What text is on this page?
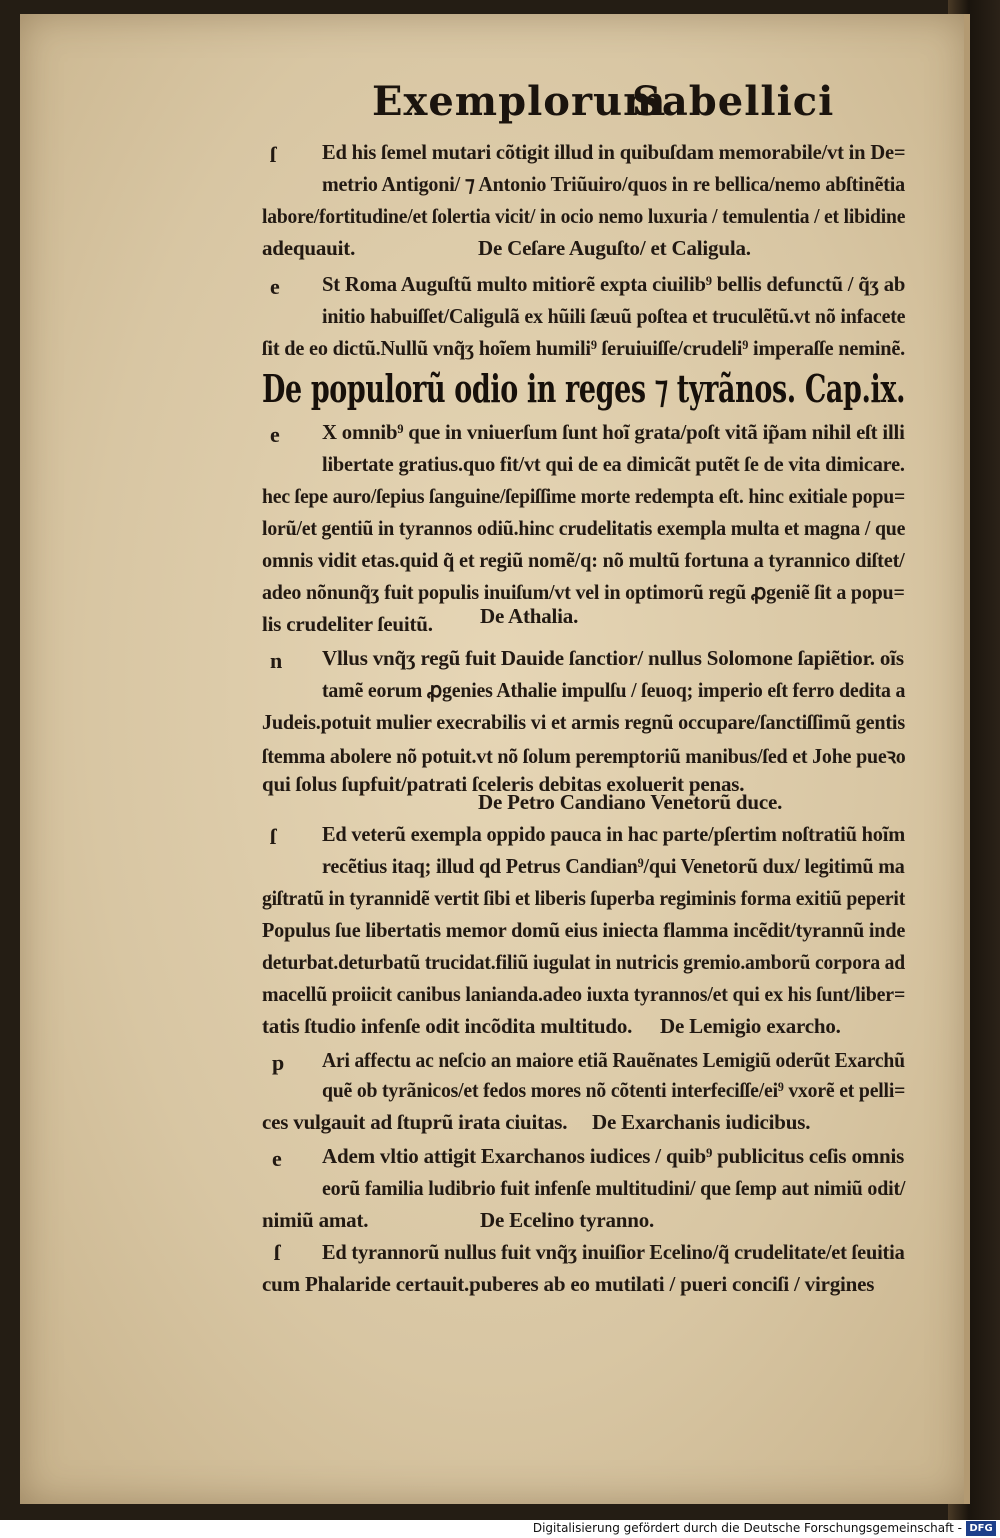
Exemplorum
Sabellici
ſ
e
e
n
ſ
p
e
ſ
Ed his ſemel mutari cõtigit illud in quibuſdam memorabile/vt in De=
metrio Antigoni/ ⁊ Antonio Triũuiro/quos in re bellica/nemo abſtinẽtia
labore/fortitudine/et ſolertia vicit/ in ocio nemo luxuria / temulentia / et libidine
adequauit.	De Ceſare Auguſto/ et Caligula.
St Roma Auguſtũ multo mitiorẽ expta ciuilib⁹ bellis defunctũ / q̃ʒ ab
initio habuiſſet/Caligulã ex hũili ſæuũ poſtea et truculẽtũ.vt nõ infacete
ſit de eo dictũ.Nullũ vnq̃ʒ hoĩem humili⁹ ſeruiuiſſe/crudeli⁹ imperaſſe neminẽ.
De populorũ odio in reges ⁊ tyrãnos. Cap.ix.
X omnib⁹ que in vniuerſum ſunt hoĩ grata/poſt vitã ip̃am nihil eſt illi
libertate gratius.quo fit/vt qui de ea dimicãt putẽt ſe de vita dimicare.
hec ſepe auro/ſepius ſanguine/ſepiſſime morte redempta eſt. hinc exitiale popu=
lorũ/et gentiũ in tyrannos odiũ.hinc crudelitatis exempla multa et magna / que
omnis vidit etas.quid q̃ et regiũ nomẽ/q: nõ multũ fortuna a tyrannico diſtet/
adeo nõnunq̃ʒ fuit populis inuiſum/vt vel in optimorũ regũ ꝓgeniẽ ſit a popu=
lis crudeliter ſeuitũ. De Athalia.
Vllus vnq̃ʒ regũ fuit Dauide ſanctior/ nullus Solomone ſapiẽtior. oĩs
tamẽ eorum ꝓgenies Athalie impulſu / ſeuoq; imperio eſt ferro dedita a
Judeis.potuit mulier execrabilis vi et armis regnũ occupare/ſanctiſſimũ gentis
ſtemma abolere nõ potuit.vt nõ ſolum peremptoriũ manibus/ſed et Johe pueꝛo
qui ſolus ſupfuit/patrati ſceleris debitas exoluerit penas.
De Petro Candiano Venetorũ duce.
Ed veterũ exempla oppido pauca in hac parte/pſertim noſtratiũ hoĩm
recẽtius itaq; illud qd Petrus Candian⁹/qui Venetorũ dux/ legitimũ ma
giſtratũ in tyrannidẽ vertit ſibi et liberis ſuperba regiminis forma exitiũ peperit
Populus ſue libertatis memor domũ eius iniecta flamma incẽdit/tyrannũ inde
deturbat.deturbatũ trucidat.filiũ iugulat in nutricis gremio.amborũ corpora ad
macellũ proiicit canibus lanianda.adeo iuxta tyrannos/et qui ex his ſunt/liber=
tatis ſtudio infenſe odit incõdita multitudo. De Lemigio exarcho.
Ari affectu ac neſcio an maiore etiã Rauẽnates Lemigiũ oderũt Exarchũ
quẽ ob tyrãnicos/et fedos mores nõ cõtenti interfeciſſe/ei⁹ vxorẽ et pelli=
ces vulgauit ad ſtuprũ irata ciuitas. De Exarchanis iudicibus.
Adem vltio attigit Exarchanos iudices / quib⁹ publicitus ceſis omnis
eorũ familia ludibrio fuit infenſe multitudini/ que ſemp aut nimiũ odit/
nimiũ amat.	De Ecelino tyranno.
Ed tyrannorũ nullus fuit vnq̃ʒ inuiſior Ecelino/q̃ crudelitate/et ſeuitia
cum Phalaride certauit.puberes ab eo mutilati / pueri conciſi / virgines
Digitalisierung gefördert durch die Deutsche Forschungsgemeinschaft - DFG
